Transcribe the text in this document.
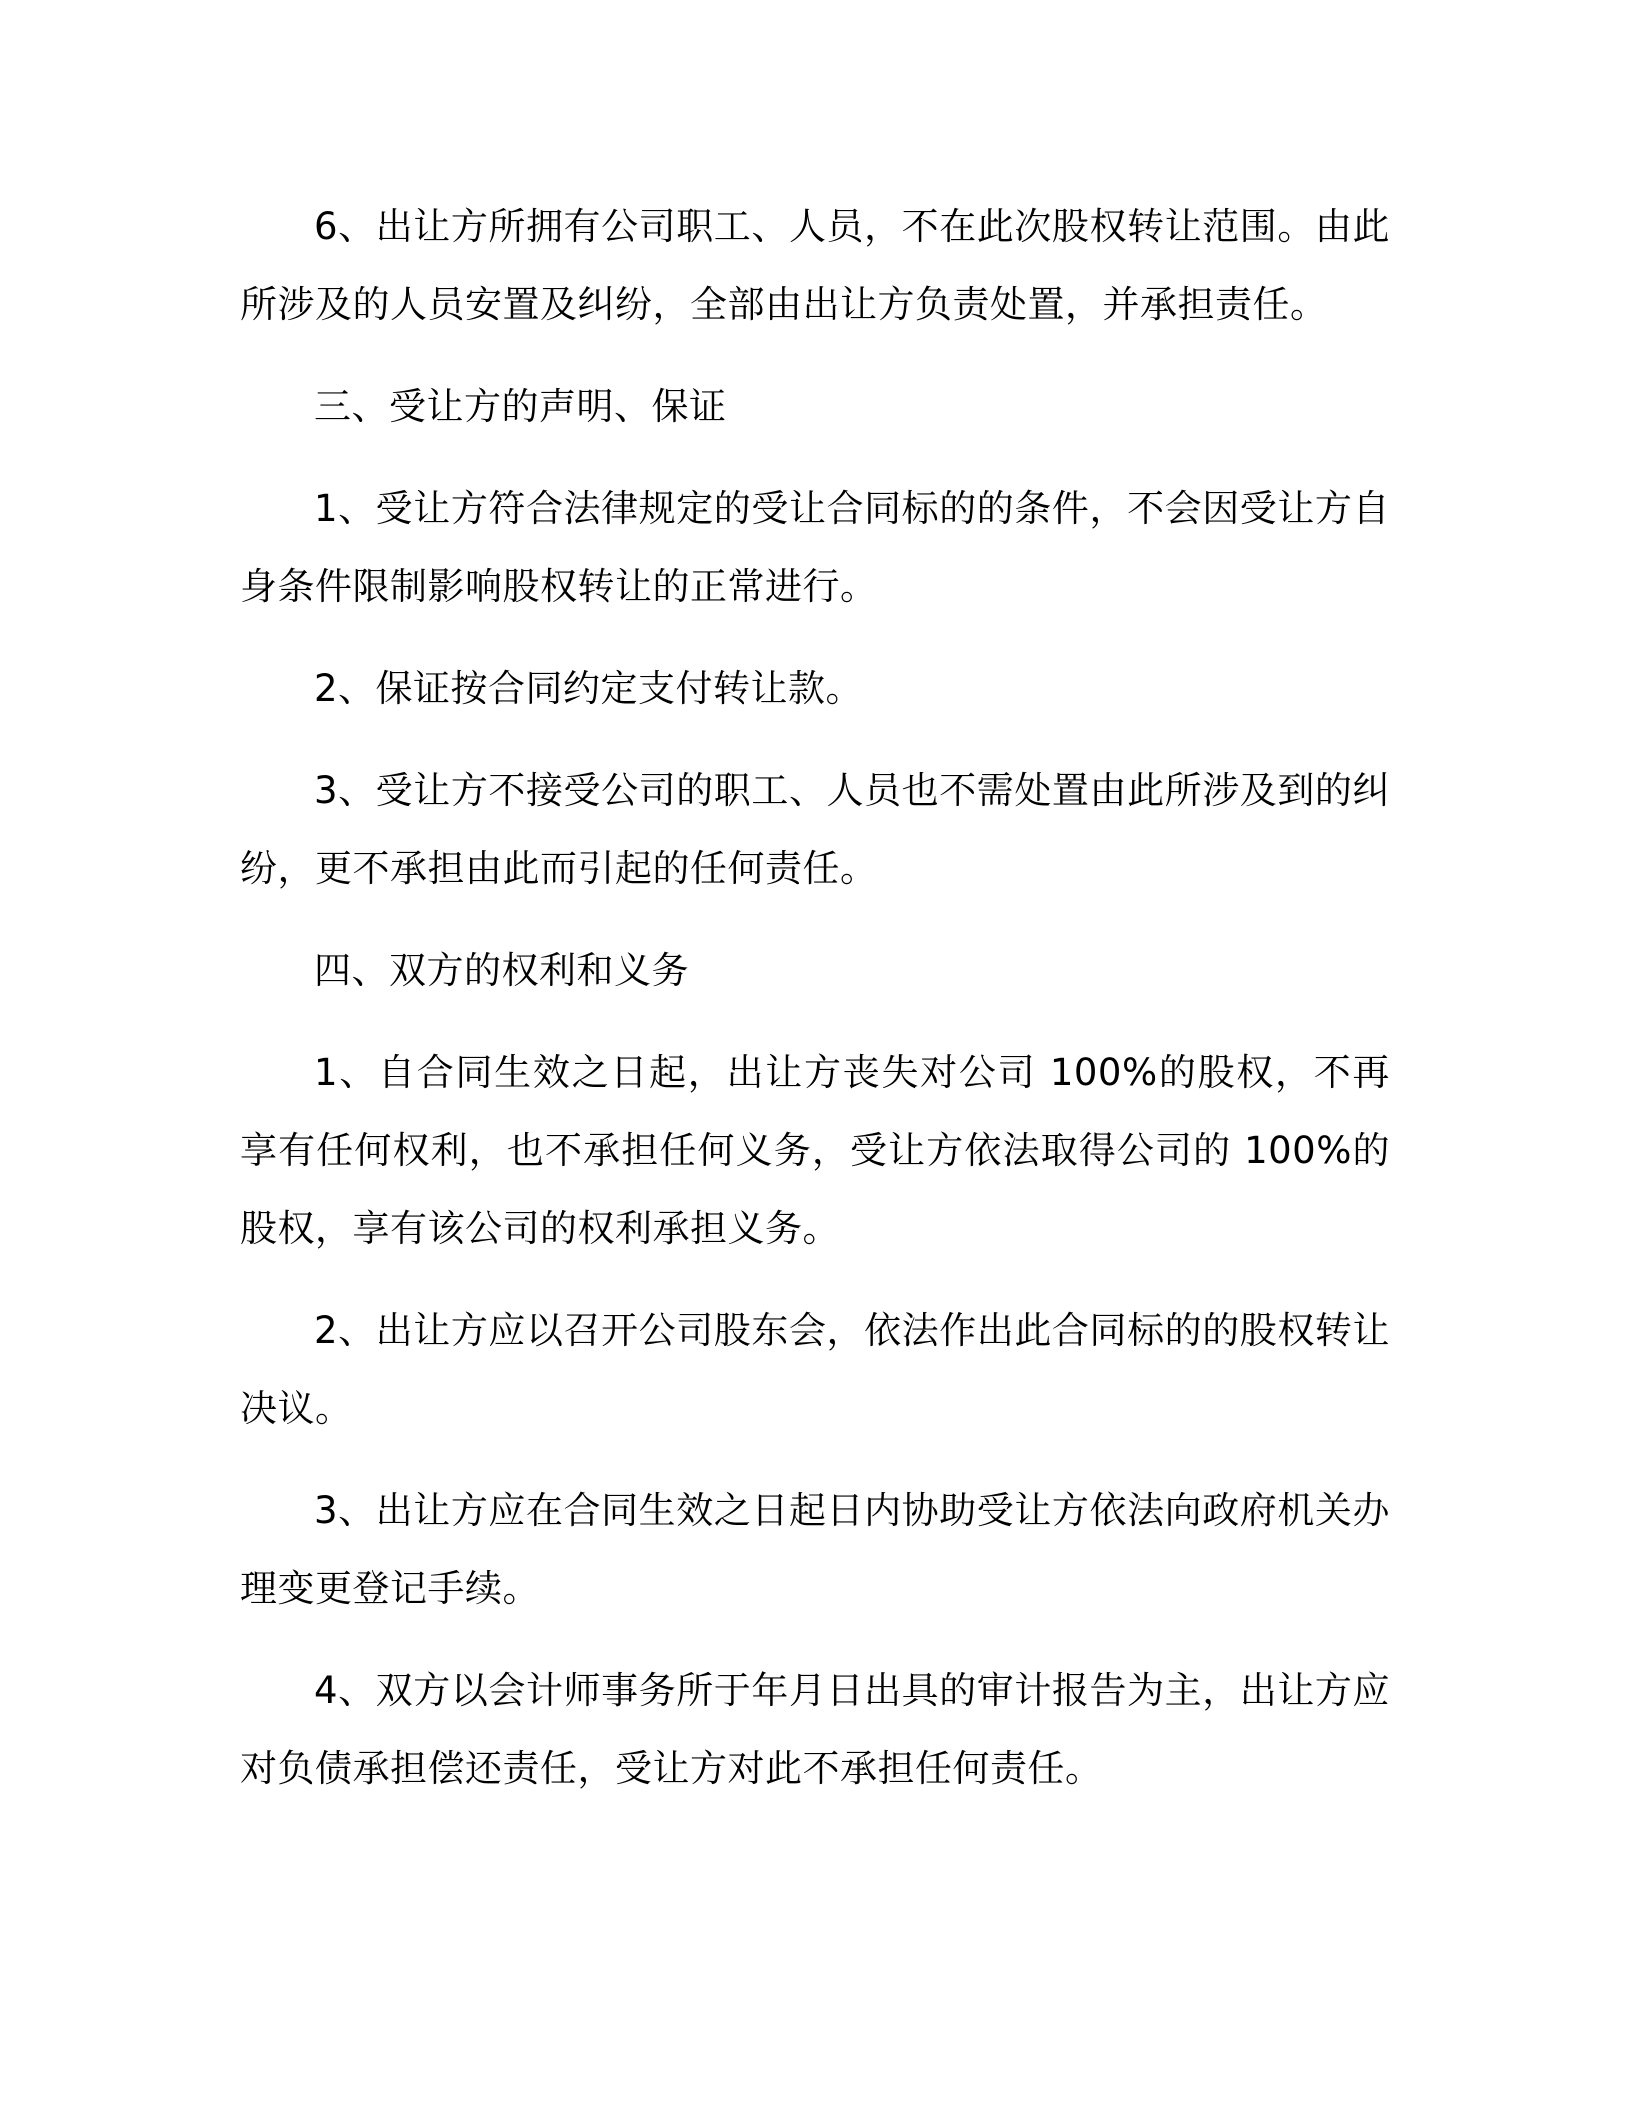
6、出让方所拥有公司职工、人员，不在此次股权转让范围。由此所涉及的人员安置及纠纷，全部由出让方负责处置，并承担责任。

三、受让方的声明、保证

1、受让方符合法律规定的受让合同标的的条件，不会因受让方自身条件限制影响股权转让的正常进行。

2、保证按合同约定支付转让款。

3、受让方不接受公司的职工、人员也不需处置由此所涉及到的纠纷，更不承担由此而引起的任何责任。

四、双方的权利和义务

1、自合同生效之日起，出让方丧失对公司 100%的股权，不再享有任何权利，也不承担任何义务，受让方依法取得公司的 100%的股权，享有该公司的权利承担义务。

2、出让方应以召开公司股东会，依法作出此合同标的的股权转让决议。

3、出让方应在合同生效之日起日内协助受让方依法向政府机关办理变更登记手续。

4、双方以会计师事务所于年月日出具的审计报告为主，出让方应对负债承担偿还责任，受让方对此不承担任何责任。
